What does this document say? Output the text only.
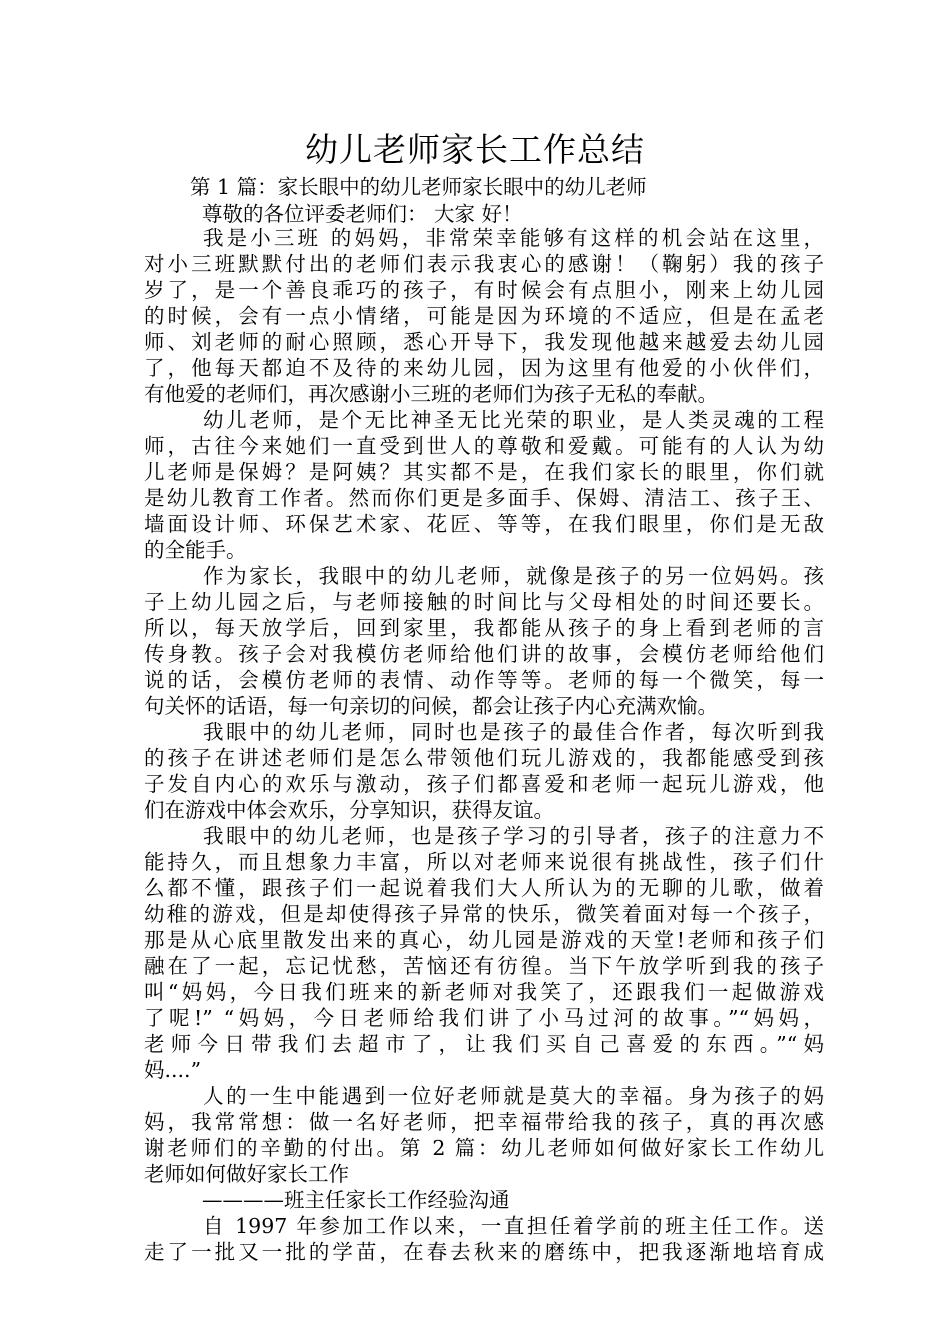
幼儿老师家长工作总结
第 1 篇：家长眼中的幼儿老师家长眼中的幼儿老师
尊敬的各位评委老师们： 大家 好！
我是小三班 的妈妈，非常荣幸能够有这样的机会站在这里，
对小三班默默付出的老师们表示我衷心的感谢！（鞠躬）我的孩子
岁了，是一个善良乖巧的孩子，有时候会有点胆小，刚来上幼儿园
的时候，会有一点小情绪，可能是因为环境的不适应，但是在孟老
师、刘老师的耐心照顾，悉心开导下，我发现他越来越爱去幼儿园
了，他每天都迫不及待的来幼儿园，因为这里有他爱的小伙伴们，
有他爱的老师们，再次感谢小三班的老师们为孩子无私的奉献。
幼儿老师，是个无比神圣无比光荣的职业，是人类灵魂的工程
师，古往今来她们一直受到世人的尊敬和爱戴。可能有的人认为幼
儿老师是保姆？是阿姨？其实都不是，在我们家长的眼里，你们就
是幼儿教育工作者。然而你们更是多面手、保姆、清洁工、孩子王、
墙面设计师、环保艺术家、花匠、等等，在我们眼里，你们是无敌
的全能手。
作为家长，我眼中的幼儿老师，就像是孩子的另一位妈妈。孩
子上幼儿园之后，与老师接触的时间比与父母相处的时间还要长。
所以，每天放学后，回到家里，我都能从孩子的身上看到老师的言
传身教。孩子会对我模仿老师给他们讲的故事，会模仿老师给他们
说的话，会模仿老师的表情、动作等等。老师的每一个微笑，每一
句关怀的话语，每一句亲切的问候，都会让孩子内心充满欢愉。
我眼中的幼儿老师，同时也是孩子的最佳合作者，每次听到我
的孩子在讲述老师们是怎么带领他们玩儿游戏的，我都能感受到孩
子发自内心的欢乐与激动，孩子们都喜爱和老师一起玩儿游戏，他
们在游戏中体会欢乐，分享知识，获得友谊。
我眼中的幼儿老师，也是孩子学习的引导者，孩子的注意力不
能持久，而且想象力丰富，所以对老师来说很有挑战性，孩子们什
么都不懂，跟孩子们一起说着我们大人所认为的无聊的儿歌，做着
幼稚的游戏，但是却使得孩子异常的快乐，微笑着面对每一个孩子，
那是从心底里散发出来的真心，幼儿园是游戏的天堂!老师和孩子们
融在了一起，忘记忧愁，苦恼还有彷徨。当下午放学听到我的孩子
叫“妈妈，今日我们班来的新老师对我笑了，还跟我们一起做游戏
了呢!” “妈妈，今日老师给我们讲了小马过河的故事。”“妈妈，
老师今日带我们去超市了，让我们买自己喜爱的东西。”“妈
妈....”
人的一生中能遇到一位好老师就是莫大的幸福。身为孩子的妈
妈，我常常想：做一名好老师，把幸福带给我的孩子，真的再次感
谢老师们的辛勤的付出。第 2 篇：幼儿老师如何做好家长工作幼儿
老师如何做好家长工作
————班主任家长工作经验沟通
自 1997 年参加工作以来，一直担任着学前的班主任工作。送
走了一批又一批的学苗，在春去秋来的磨练中，把我逐渐地培育成
